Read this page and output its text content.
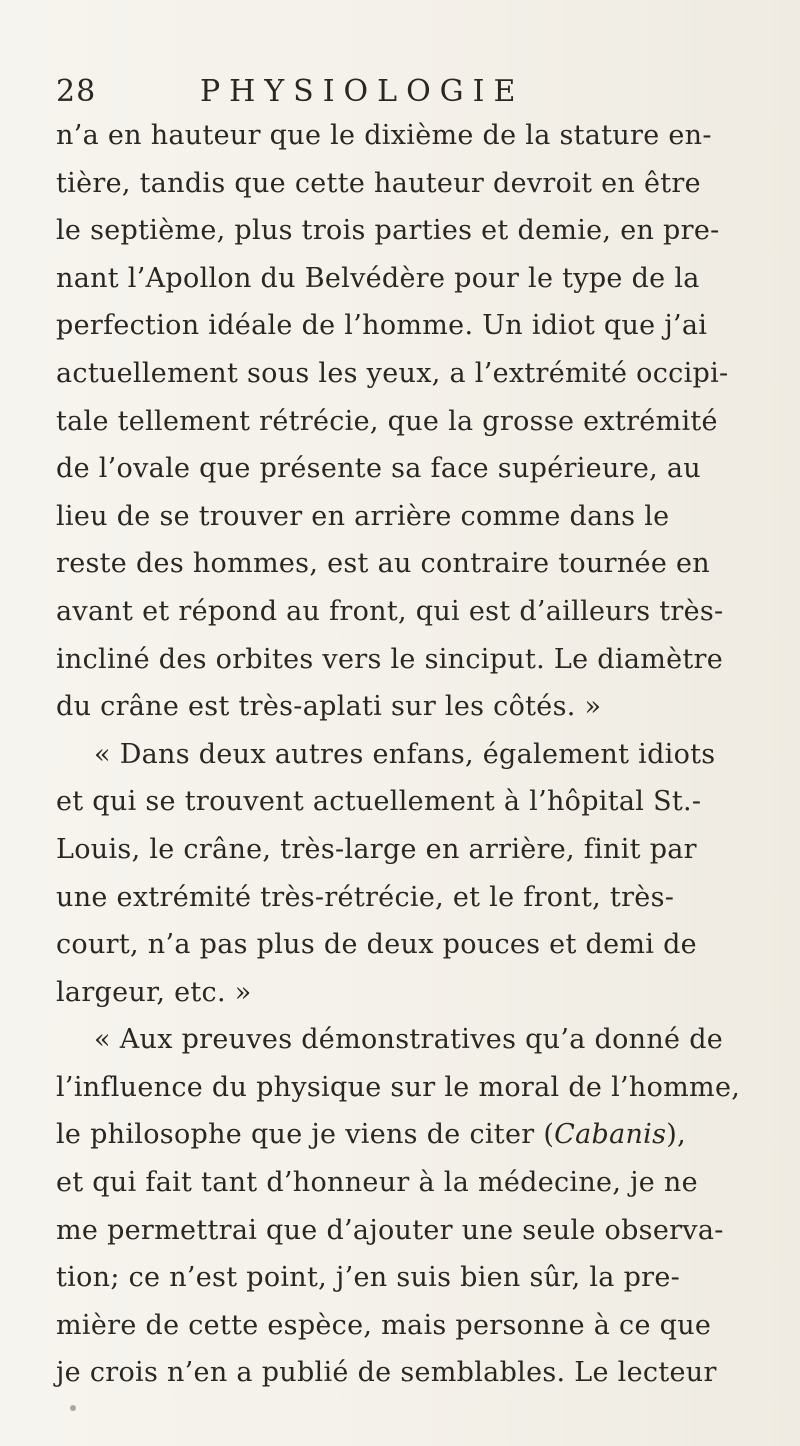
28	PHYSIOLOGIE
n’a en hauteur que le dixième de la stature en-
tière, tandis que cette hauteur devroit en être
le septième, plus trois parties et demie, en pre-
nant l’Apollon du Belvédère pour le type de la
perfection idéale de l’homme. Un idiot que j’ai
actuellement sous les yeux, a l’extrémité occipi-
tale tellement rétrécie, que la grosse extrémité
de l’ovale que présente sa face supérieure, au
lieu de se trouver en arrière comme dans le
reste des hommes, est au contraire tournée en
avant et répond au front, qui est d’ailleurs très-
incliné des orbites vers le sinciput. Le diamètre
du crâne est très-aplati sur les côtés. »
« Dans deux autres enfans, également idiots
et qui se trouvent actuellement à l’hôpital St.-
Louis, le crâne, très-large en arrière, finit par
une extrémité très-rétrécie, et le front, très-
court, n’a pas plus de deux pouces et demi de
largeur, etc. »
« Aux preuves démonstratives qu’a donné de
l’influence du physique sur le moral de l’homme,
le philosophe que je viens de citer (Cabanis),
et qui fait tant d’honneur à la médecine, je ne
me permettrai que d’ajouter une seule observa-
tion; ce n’est point, j’en suis bien sûr, la pre-
mière de cette espèce, mais personne à ce que
je crois n’en a publié de semblables. Le lecteur
